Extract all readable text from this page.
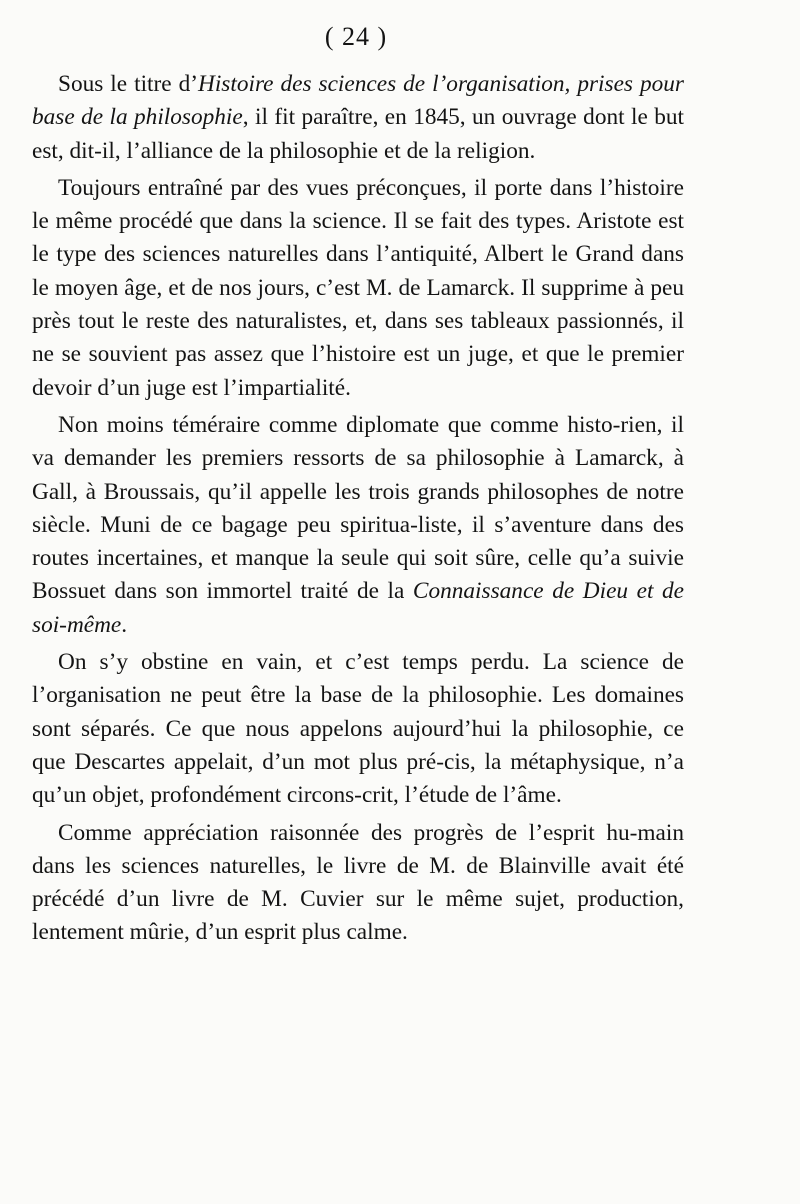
( 24 )

Sous le titre d’Histoire des sciences de l’organisation, prises pour base de la philosophie, il fit paraître, en 1845, un ouvrage dont le but est, dit-il, l’alliance de la philosophie et de la religion.

Toujours entraîné par des vues préconçues, il porte dans l’histoire le même procédé que dans la science. Il se fait des types. Aristote est le type des sciences naturelles dans l’antiquité, Albert le Grand dans le moyen âge, et de nos jours, c’est M. de Lamarck. Il supprime à peu près tout le reste des naturalistes, et, dans ses tableaux passionnés, il ne se souvient pas assez que l’histoire est un juge, et que le premier devoir d’un juge est l’impartialité.

Non moins téméraire comme diplomate que comme histo-rien, il va demander les premiers ressorts de sa philosophie à Lamarck, à Gall, à Broussais, qu’il appelle les trois grands philosophes de notre siècle. Muni de ce bagage peu spiritua-liste, il s’aventure dans des routes incertaines, et manque la seule qui soit sûre, celle qu’a suivie Bossuet dans son immortel traité de la Connaissance de Dieu et de soi-même.

On s’y obstine en vain, et c’est temps perdu. La science de l’organisation ne peut être la base de la philosophie. Les domaines sont séparés. Ce que nous appelons aujourd’hui la philosophie, ce que Descartes appelait, d’un mot plus pré-cis, la métaphysique, n’a qu’un objet, profondément circons-crit, l’étude de l’âme.

Comme appréciation raisonnée des progrès de l’esprit hu-main dans les sciences naturelles, le livre de M. de Blainville avait été précédé d’un livre de M. Cuvier sur le même sujet, production, lentement mûrie, d’un esprit plus calme.
